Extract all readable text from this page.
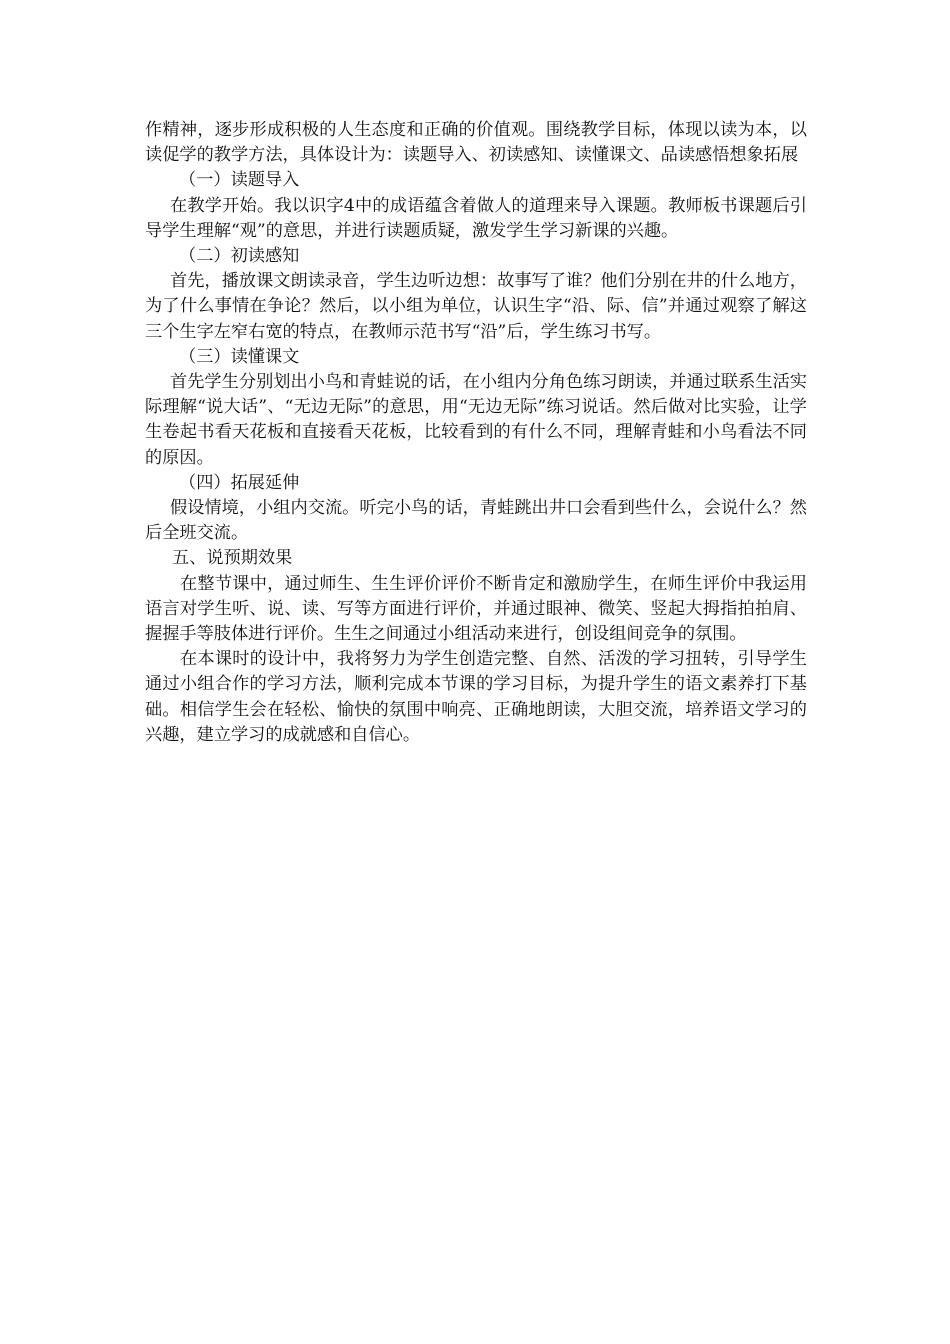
作精神，逐步形成积极的人生态度和正确的价值观。围绕教学目标，体现以读为本，以读促学的教学方法，具体设计为：读题导入、初读感知、读懂课文、品读感悟想象拓展

（一）读题导入

在教学开始。我以识字4中的成语蕴含着做人的道理来导入课题。教师板书课题后引导学生理解“观”的意思，并进行读题质疑，激发学生学习新课的兴趣。

（二）初读感知

首先，播放课文朗读录音，学生边听边想：故事写了谁？他们分别在井的什么地方，为了什么事情在争论？然后，以小组为单位，认识生字“沿、际、信”并通过观察了解这三个生字左窄右宽的特点，在教师示范书写“沿”后，学生练习书写。

（三）读懂课文

首先学生分别划出小鸟和青蛙说的话，在小组内分角色练习朗读，并通过联系生活实际理解“说大话”、“无边无际”的意思，用“无边无际”练习说话。然后做对比实验，让学生卷起书看天花板和直接看天花板，比较看到的有什么不同，理解青蛙和小鸟看法不同的原因。

（四）拓展延伸

假设情境，小组内交流。听完小鸟的话，青蛙跳出井口会看到些什么，会说什么？然后全班交流。

五、说预期效果

在整节课中，通过师生、生生评价评价不断肯定和激励学生，在师生评价中我运用语言对学生听、说、读、写等方面进行评价，并通过眼神、微笑、竖起大拇指拍拍肩、握握手等肢体进行评价。生生之间通过小组活动来进行，创设组间竞争的氛围。

在本课时的设计中，我将努力为学生创造完整、自然、活泼的学习扭转，引导学生通过小组合作的学习方法，顺利完成本节课的学习目标，为提升学生的语文素养打下基础。相信学生会在轻松、愉快的氛围中响亮、正确地朗读，大胆交流，培养语文学习的兴趣，建立学习的成就感和自信心。
